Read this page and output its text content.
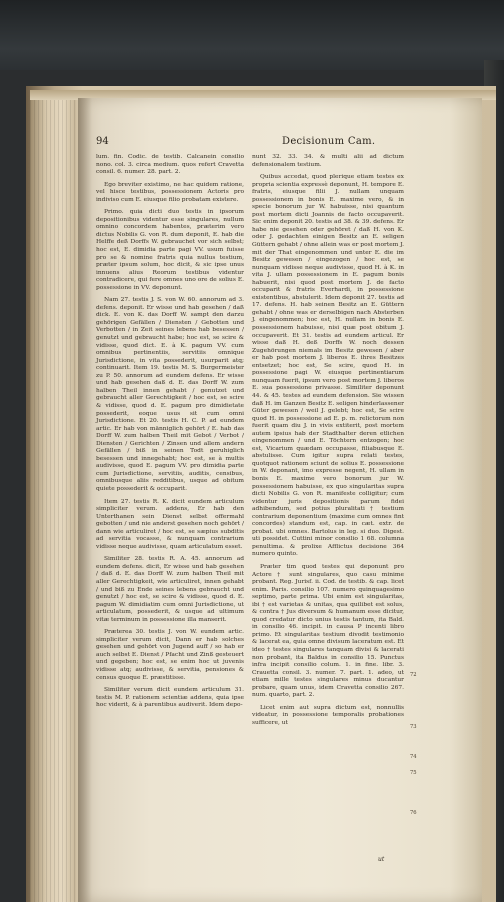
94	Decisionum Cam.

lum. fin. Codic. de testib. Calcanein consilio nono. col. 3. circa medium. quos refert Cravetta consil. 6. numer. 28. part. 2.

Ego breviter existimo, ne hac quidem ratione, vel hisce testibus, possessionem Actoris pro indiviso cum E. eiusque filio probatam existere.

Primo. quia dicti duo testis in ipsorum depositionibus videntur esse singulares, nullum omnino concordem habentes, præterim vero dictus Nobilis G. von R. dum deponit, E. hab die Helffe deß Dorffs W. gebrauchet vor sich selbst; hoc est, E. dimidia parte pagi VV. usum fuisse pro se & nomine fratris quia nullus testium, præter ipsum solum, hoc dicit, & sic ipse unus innuens alius Reorum testibus videntur contradicere, qui fere omnes uno ore de solius E. possessione in VV. deponunt.

Nam 27. testis J. S. von W. 60. annorum ad 3. defens. deponit. Er wisse und hab gesehen / daß dick. E. von K. das Dorff W. sampt den darzu gehörigen Gefällen / Diensten / Gebotten und Verbotten / in Zeit seines lebens hab besessen / genutzt und gebraucht habe; hoc est, se scire & vidisse, quod dict. E. à K. pagum VV. cum omnibus pertinentiis, servitiis omnique Jurisdictione, in vita possederit, usurparit atq; continuarit. Item 19. testis M. S. Burgermeister zu P. 50. annorum ad eundem defens. Er wisse und hab gesehen daß d. E. das Dorff W. zum halben Theil innen gehabt / genutzet und gebraucht aller Gerechtigkeit / hoc est, se scire & vidisse, quod d. E. pagum pro dimidietate possederit, eoque usus sit cum omni Jurisdictione. Et 20. testis H. C. P. ad eundem artic. Er hab von männiglich gehört / E. hab das Dorff W. zum halben Theil mit Gebot / Verbot / Diensten / Gerichten / Zinsen und allem andern Gefällen / biß in seinen Todt geruhiglich besessen und innegehabt; hoc est, se à multis audivisse, quod E. pagum VV. pro dimidia parte cum Jurisdictione, servitiis, auditis, censibus, omnibusque aliis redditibus, usque ad obitum quiete possederit & occuparit.

Item 27. testis R. K. dicit eundem articulum simpliciter verum. addens, Er hab den Unterthanen sein Dienst selbst offermahl gebotten / und nie anderst gesehen noch gehört / dann wie articuliret / hoc est, se sæpius subditis ad servitia vocasse, & nunquam contrarium vidisse neque audivisse, quam articulatum esset.

Similiter 28. testis R. A. 45. annorum ad eundem defens. dicit, Er wisse und hab gesehen / daß d. E. das Dorff W. zum halben Theil mit aller Gerechtigkeit, wie articuliret, innen gehabt / und biß zu Ende seines lebens gebraucht und genutzt / hoc est, se scire & vidisse, quod d. E. pagum W. dimidiatim cum omni Jurisdictione, ut articulatum, possederit, & usque ad ultimum vitæ terminum in possessione illa manserit.

Præterea 30. testis J. von W. eundem artic. simpliciter verum dicit, Dann er hab solches gesehen und gehört von Jugend auff / so hab er auch selbst E. Dienst / Pfacht und Zinß gesteuert und gegeben; hoc est, se enim hoc ut juvenis vidisse atq; audivisse, & servitia, pensiones & census quoque E. præstitisse.

Similiter verum dicit eundem articulum 31. testis M. P. rationem scientiæ addens, quia ipse hoc viderit, & à parentibus audiverit. Idem depo-

nunt 32. 33. 34. & multi alii ad dictum defensionalem testium.

Quibus accedat, quod plerique etiam testes ex propria scientia expressè deponunt, H. tempore E. fratris, eiusque filii J. nullam unquam possessionem in bonis E. maxime vero, & in specie bonorum jur W. habuisse, nisi quantum post mortem dicti Joannis de facto occupaverit. Sic enim deponit 20. testis ad 38. & 39. defens. Er habe nie gesehen oder gehöret / daß H. von K. oder J. gedachten einigen Besitz an E. seligen Güttern gehabt / ohne allein was er post mortem J. mit der That eingenommen und unter E. die im Besitz gewesen / eingezogen / hoc est, se nunquam vidisse neque audivisse, quod H. à K. in vita J. ullam possessionem in E. pagum bonis habuerit, nisi quod post mortem J. de facto occuparit & fratris Everhardi, in possessione existentibus, abstulerit. Idem deponit 27. testis ad 17. defens. H. hab seinen Besitz an E. Güttern gehabt / ohne was er derselbigen nach Absterben J. eingenommen; hoc est, H. nullam in bonis E. possessionem habuisse, nisi quæ post obitum J. occupaverit. Et 31. testis ad eundem articul. Er wisse daß H. deß Dorffs W. noch dessen Zugehörungen niemals im Besitz gewesen / aber er hab post mortem J. liberos E. ihres Besitzes entsetzet; hoc est, Se scire, quod H. in possessione pagi W. eiusque pertinentiarum nunquam fuerit, ipsum vero post mortem J. liberos E. sua possessione privasse. Similiter deponunt 44. & 45. testes ad eundem defension. Sie wissen daß H. im Ganzen Besitz E. seligen hinderlassener Güter gewesen / weil J. gelebt; hoc est, Se scire quod H. in possessione ad E. p. m. relictorum non fuerit quam diu J. in vivis extiterit, post mortem autem ipsius hab der Stadthalter deren etlichen eingenommen / und E. Töchtern entzogen; hoc est, Vicarium quædam occupasse, filiabusque E. abstulisse. Cum igitur supra relati testes, quotquot rationem sciunt de solius E. possessione in W. deponant, imo expresse negent, H. ullam in bonis E. maxime vero bonorum jur W. possessionem habuisse, ex quo singularitas supra dicti Nobilis G. von R. manifeste colligitur; cum videntur juris depositionis parum fidei adhibendum, sed potius pluralitati † testium contrarium deponentium (maxime cum omnes fint concordes) standum est, cap. in cæt. extr. de probat. ubi omnes. Bartolus in leg. si duo. Digest. uti possidet. Cuttini minor consilio 1 68. columna penultima. & prolixe Afflictus decisione 364 numero quinto.

Præter tim quod testes qui deponunt pro Actore † sunt singulares, quo casu minime probant. Reg. Jurisf. ii. Cod. de testib. & cap. licet enim. Paris. consilio 107. numero quinquagesimo septimo, parte prima. Ubi enim est singularitas, ibi † est varietas & unitas, qua quilibet est solus, & contra † Jus diversum & humanum esse dicitur, quod credatur dicto unius testis tantum, ita Bald. in consilio 46. incipit. in causa P incenti libro primo. Et singularitas testium divodit testimonio & lacerat ea, quia omne divisum laceratum est. Et ideo † testes singulares tanquam divisi & lacerati non probant, ita Baldus in consilio 15. Punctus infra incipit consilio colum. 1. in fine. libr. 3. Crauetta consil. 3. numer. 7. part. 1. adeo, ut etiam mille testes singulares minus ducantur probare, quam unus, idem Cravetta consilio 267. num. quarto, part. 2.

Licet enim aut supra dictum est, nonnullis videatur, in possessione temporalis probationes sufficere, ut

72
73
74
75
76
ut
